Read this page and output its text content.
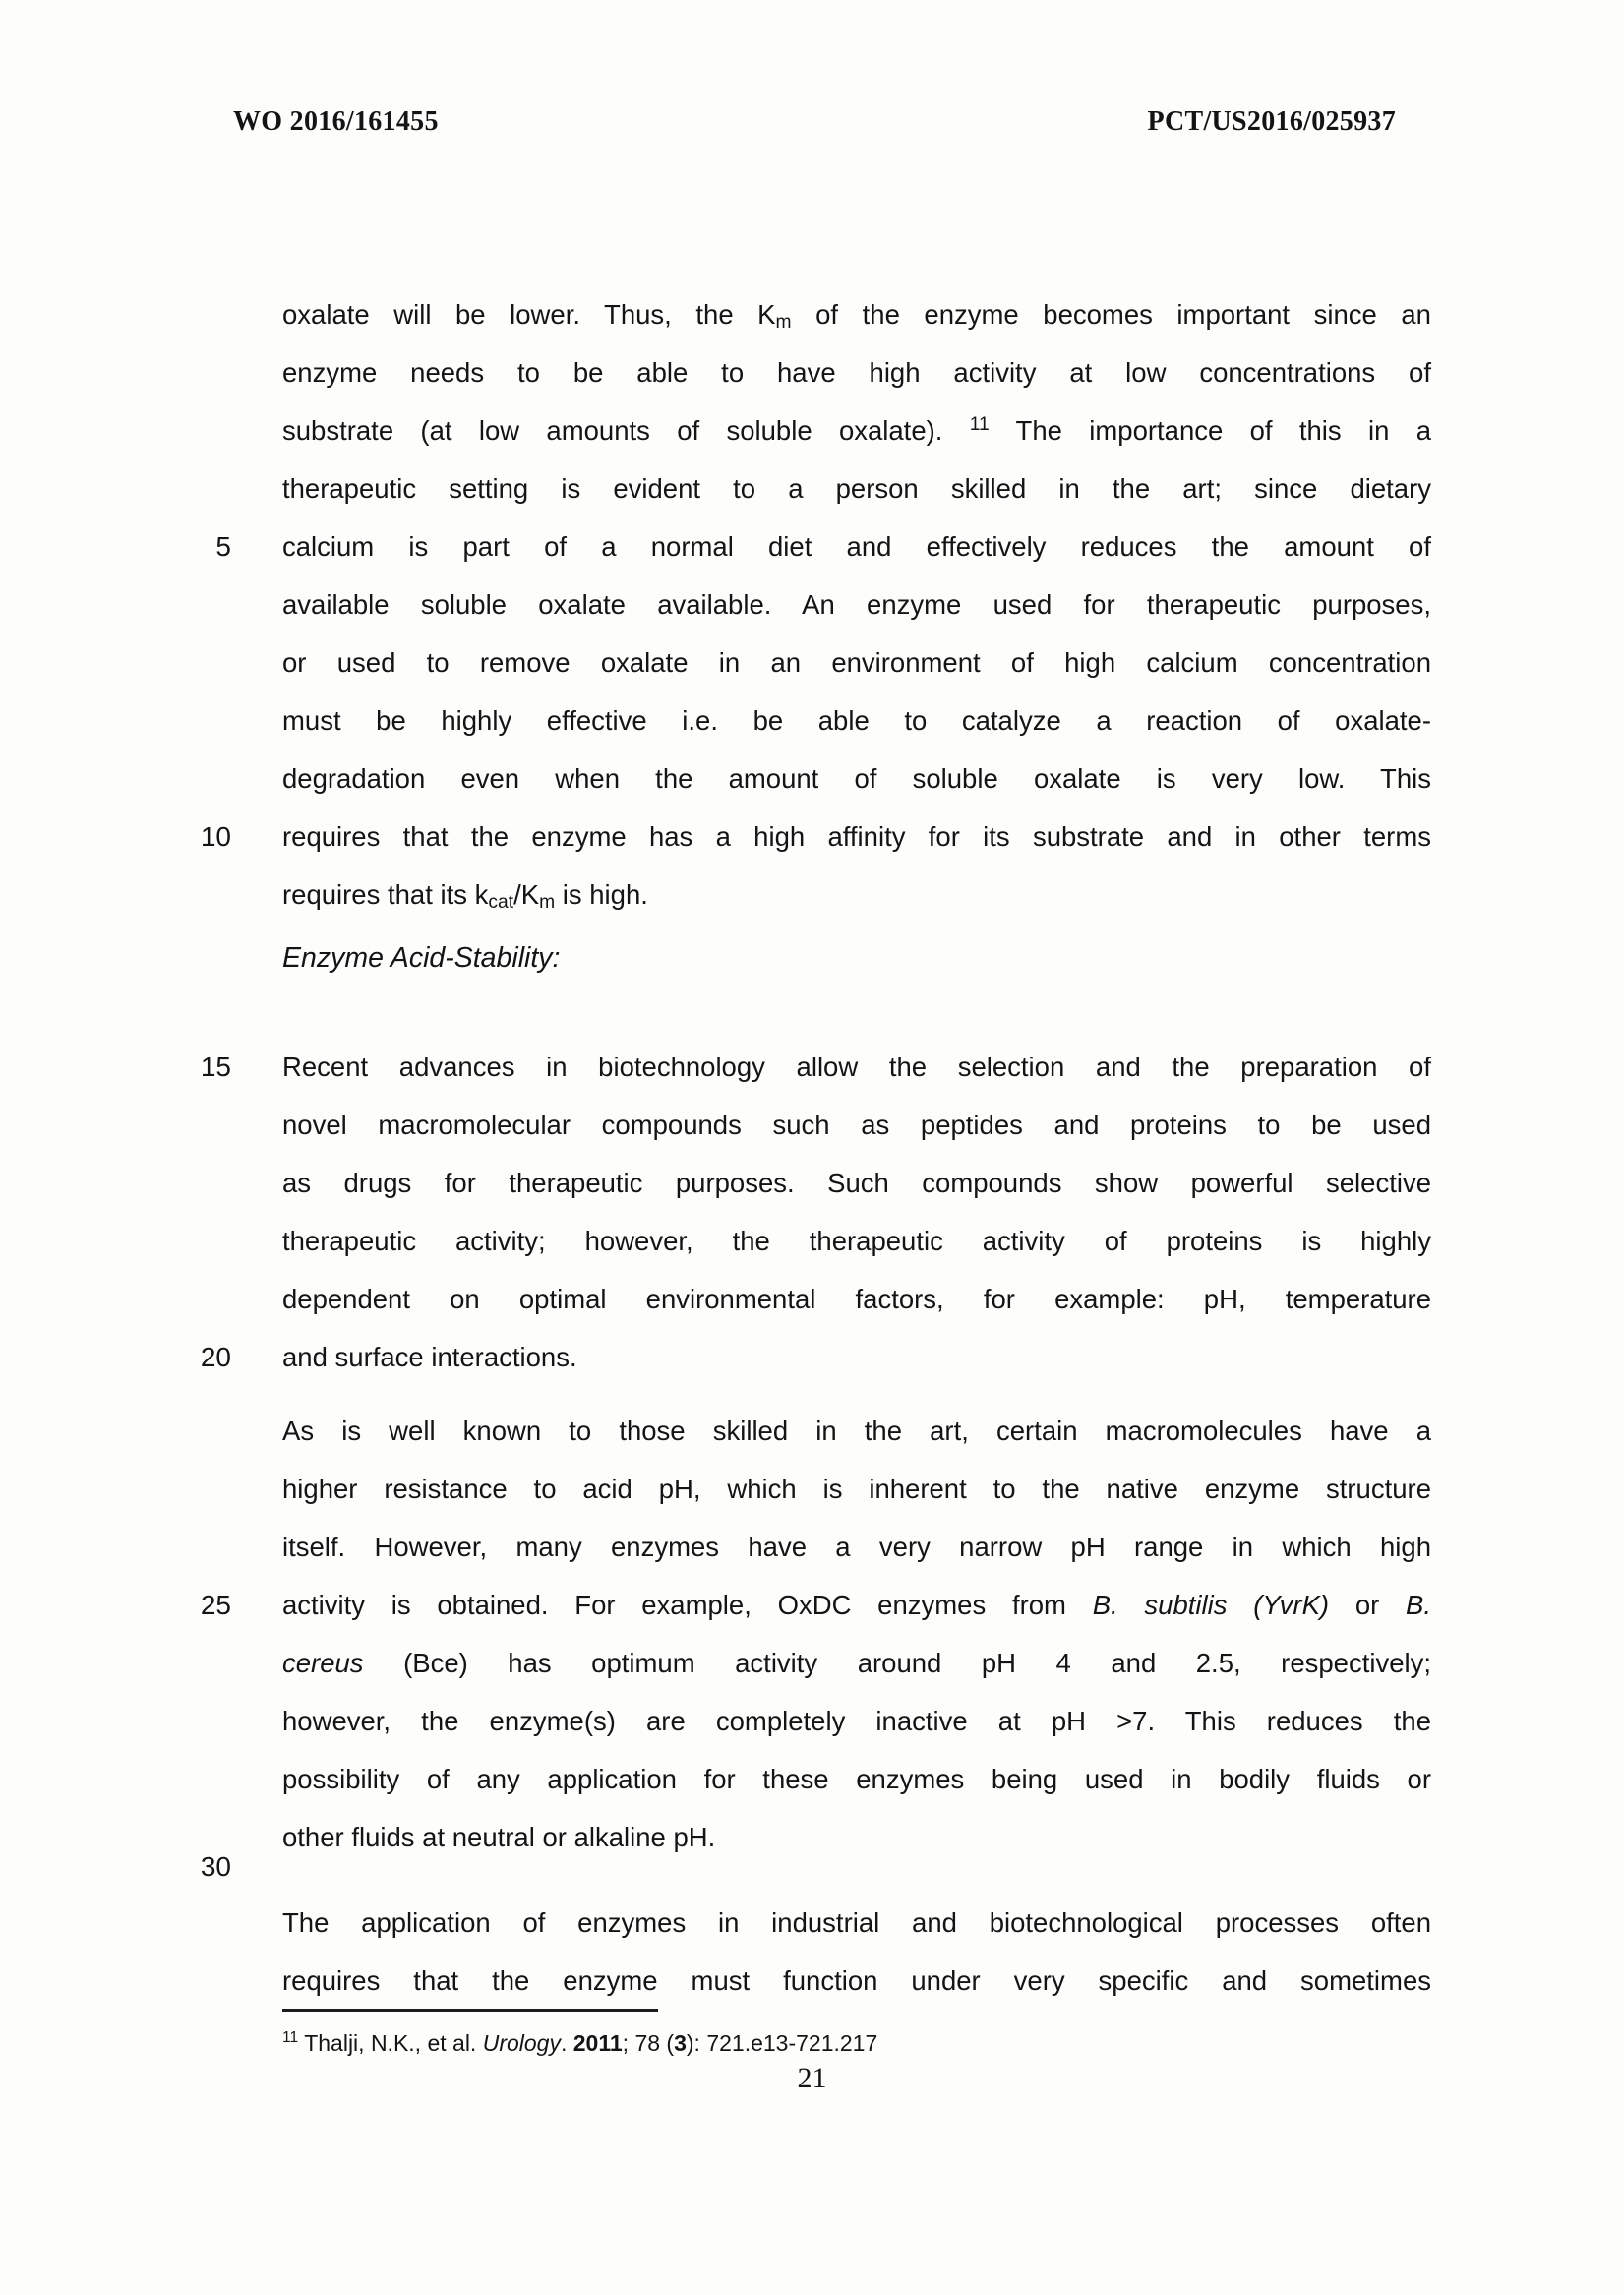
WO 2016/161455	PCT/US2016/025937
5
10
15
20
25
30
oxalate will be lower. Thus, the $K_m$ of the enzyme becomes important since an
enzyme needs to be able to have high activity at low concentrations of
substrate (at low amounts of soluble oxalate). $^{11}$ The importance of this in a
therapeutic setting is evident to a person skilled in the art; since dietary
calcium is part of a normal diet and effectively reduces the amount of
available soluble oxalate available. An enzyme used for therapeutic purposes,
or used to remove oxalate in an environment of high calcium concentration
must be highly effective i.e. be able to catalyze a reaction of oxalate-
degradation even when the amount of soluble oxalate is very low. This
requires that the enzyme has a high affinity for its substrate and in other terms
requires that its $k_{cat}/K_m$ is high.
Enzyme Acid-Stability:
Recent advances in biotechnology allow the selection and the preparation of
novel macromolecular compounds such as peptides and proteins to be used
as drugs for therapeutic purposes. Such compounds show powerful selective
therapeutic activity; however, the therapeutic activity of proteins is highly
dependent on optimal environmental factors, for example: pH, temperature
and surface interactions.
As is well known to those skilled in the art, certain macromolecules have a
higher resistance to acid pH, which is inherent to the native enzyme structure
itself. However, many enzymes have a very narrow pH range in which high
activity is obtained. For example, OxDC enzymes from B. subtilis (YvrK) or B.
cereus (Bce) has optimum activity around pH 4 and 2.5, respectively;
however, the enzyme(s) are completely inactive at pH >7. This reduces the
possibility of any application for these enzymes being used in bodily fluids or
other fluids at neutral or alkaline pH.
The application of enzymes in industrial and biotechnological processes often
requires that the enzyme must function under very specific and sometimes
$^{11}$ Thalji, N.K., et al. Urology. 2011; 78 (3): 721.e13-721.217
21
